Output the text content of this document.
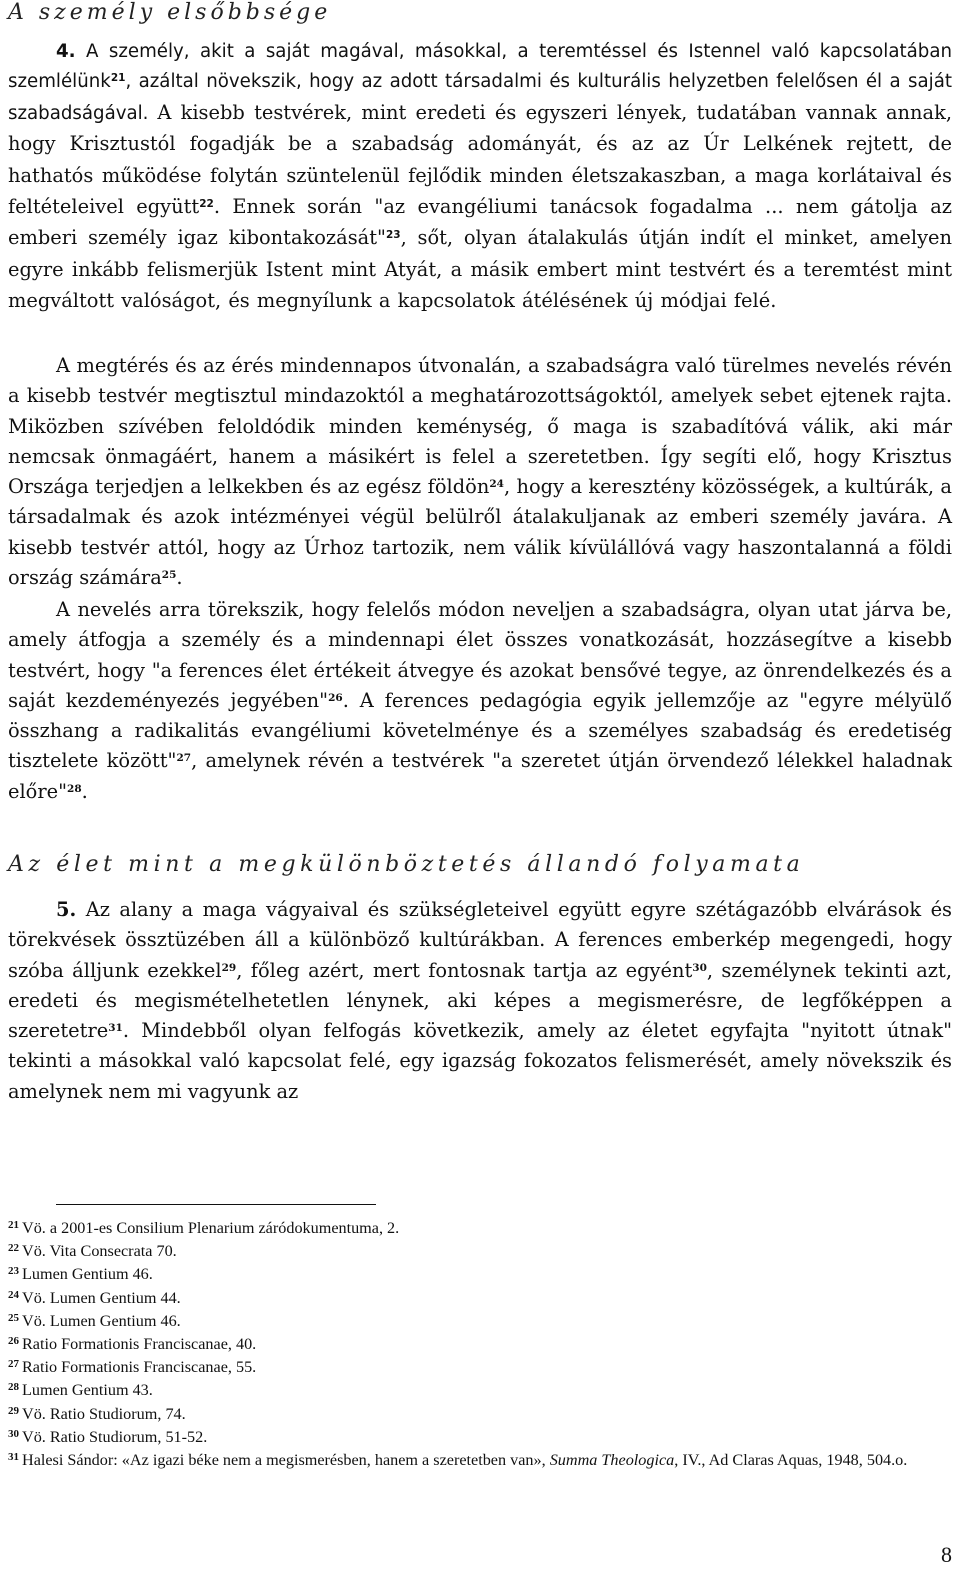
A személy elsőbbsége

4. A személy, akit a saját magával, másokkal, a teremtéssel és Istennel való kapcsolatában szemlélünk$^{21}$, azáltal növekszik, hogy az adott társadalmi és kulturális helyzetben felelősen él a saját szabadságával. A kisebb testvérek, mint eredeti és egyszeri lények, tudatában vannak annak, hogy Krisztustól fogadják be a szabadság adományát, és az az Úr Lelkének rejtett, de hathatós működése folytán szüntelenül fejlődik minden életszakaszban, a maga korlátaival és feltételeivel együtt$^{22}$. Ennek során "az evangéliumi tanácsok fogadalma ... nem gátolja az emberi személy igaz kibontakozását"$^{23}$, sőt, olyan átalakulás útján indít el minket, amelyen egyre inkább felismerjük Istent mint Atyát, a másik embert mint testvért és a teremtést mint megváltott valóságot, és megnyílunk a kapcsolatok átélésének új módjai felé.

A megtérés és az érés mindennapos útvonalán, a szabadságra való türelmes nevelés révén a kisebb testvér megtisztul mindazoktól a meghatározottságoktól, amelyek sebet ejtenek rajta. Miközben szívében feloldódik minden keménység, ő maga is szabadítóvá válik, aki már nemcsak önmagáért, hanem a másikért is felel a szeretetben. Így segíti elő, hogy Krisztus Országa terjedjen a lelkekben és az egész földön$^{24}$, hogy a keresztény közösségek, a kultúrák, a társadalmak és azok intézményei végül belülről átalakuljanak az emberi személy javára. A kisebb testvér attól, hogy az Úrhoz tartozik, nem válik kívülállóvá vagy haszontalanná a földi ország számára$^{25}$.

A nevelés arra törekszik, hogy felelős módon neveljen a szabadságra, olyan utat járva be, amely átfogja a személy és a mindennapi élet összes vonatkozását, hozzásegítve a kisebb testvért, hogy "a ferences élet értékeit átvegye és azokat bensővé tegye, az önrendelkezés és a saját kezdeményezés jegyében"$^{26}$. A ferences pedagógia egyik jellemzője az "egyre mélyülő összhang a radikalitás evangéliumi követelménye és a személyes szabadság és eredetiség tisztelete között"$^{27}$, amelynek révén a testvérek "a szeretet útján örvendező lélekkel haladnak előre"$^{28}$.

Az élet mint a megkülönböztetés állandó folyamata

5. Az alany a maga vágyaival és szükségleteivel együtt egyre szétágazóbb elvárások és törekvések össztüzében áll a különböző kultúrákban. A ferences emberkép megengedi, hogy szóba álljunk ezekkel$^{29}$, főleg azért, mert fontosnak tartja az egyént$^{30}$, személynek tekinti azt, eredeti és megismételhetetlen lénynek, aki képes a megismerésre, de legfőképpen a szeretetre$^{31}$. Mindebből olyan felfogás következik, amely az életet egyfajta "nyitott útnak" tekinti a másokkal való kapcsolat felé, egy igazság fokozatos felismerését, amely növekszik és amelynek nem mi vagyunk az

$^{21}$ Vö. a 2001-es Consilium Plenarium záródokumentuma, 2.

$^{22}$ Vö. Vita Consecrata 70.

$^{23}$ Lumen Gentium 46.

$^{24}$ Vö. Lumen Gentium 44.

$^{25}$ Vö. Lumen Gentium 46.

$^{26}$ Ratio Formationis Franciscanae, 40.

$^{27}$ Ratio Formationis Franciscanae, 55.

$^{28}$ Lumen Gentium 43.

$^{29}$ Vö. Ratio Studiorum, 74.

$^{30}$ Vö. Ratio Studiorum, 51-52.

$^{31}$ Halesi Sándor: «Az igazi béke nem a megismerésben, hanem a szeretetben van», Summa Theologica, IV., Ad Claras Aquas, 1948, 504.o.

8
